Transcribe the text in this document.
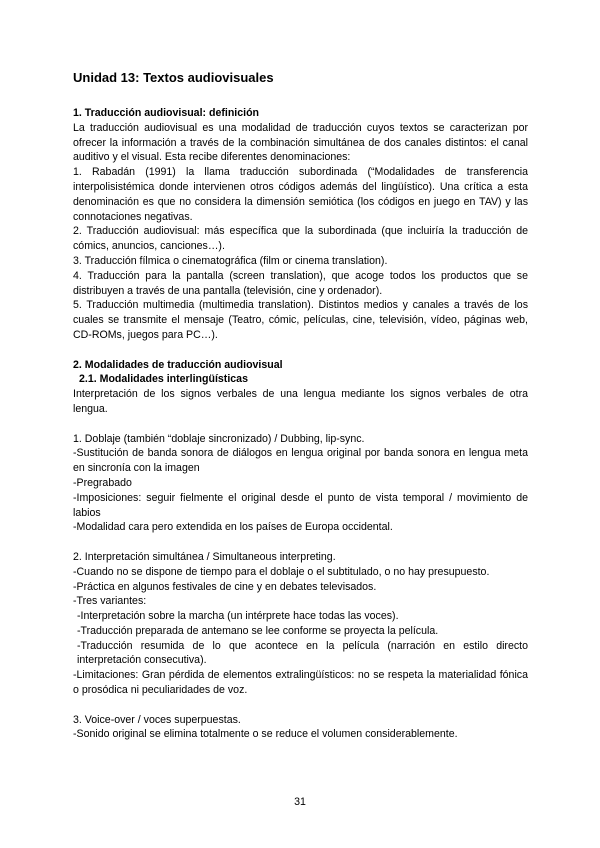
Unidad 13: Textos audiovisuales
1. Traducción audiovisual: definición

La traducción audiovisual es una modalidad de traducción cuyos textos se caracterizan por ofrecer la información a través de la combinación simultánea de dos canales distintos: el canal auditivo y el visual. Esta recibe diferentes denominaciones:

1. Rabadán (1991) la llama traducción subordinada (“Modalidades de transferencia interpolisistémica donde intervienen otros códigos además del lingüístico). Una crítica a esta denominación es que no considera la dimensión semiótica (los códigos en juego en TAV) y las connotaciones negativas.

2. Traducción audiovisual: más específica que la subordinada (que incluiría la traducción de cómics, anuncios, canciones…).

3. Traducción fílmica o cinematográfica (film or cinema translation).

4. Traducción para la pantalla (screen translation), que acoge todos los productos que se distribuyen a través de una pantalla (televisión, cine y ordenador).

5. Traducción multimedia (multimedia translation). Distintos medios y canales a través de los cuales se transmite el mensaje (Teatro, cómic, películas, cine, televisión, vídeo, páginas web, CD-ROMs, juegos para PC…).

2. Modalidades de traducción audiovisual
2.1. Modalidades interlingüísticas

Interpretación de los signos verbales de una lengua mediante los signos verbales de otra lengua.

1. Doblaje (también “doblaje sincronizado) / Dubbing, lip-sync.

-Sustitución de banda sonora de diálogos en lengua original por banda sonora en lengua meta en sincronía con la imagen

-Pregrabado

-Imposiciones: seguir fielmente el original desde el punto de vista temporal / movimiento de labios

-Modalidad cara pero extendida en los países de Europa occidental.

2. Interpretación simultánea / Simultaneous interpreting.

-Cuando no se dispone de tiempo para el doblaje o el subtitulado, o no hay presupuesto.

-Práctica en algunos festivales de cine y en debates televisados.

-Tres variantes:

-Interpretación sobre la marcha (un intérprete hace todas las voces).

-Traducción preparada de antemano se lee conforme se proyecta la película.

-Traducción resumida de lo que acontece en la película (narración en estilo directo interpretación consecutiva).

-Limitaciones: Gran pérdida de elementos extralingüísticos: no se respeta la materialidad fónica o prosódica ni peculiaridades de voz.

3. Voice-over / voces superpuestas.

-Sonido original se elimina totalmente o se reduce el volumen considerablemente.

31
